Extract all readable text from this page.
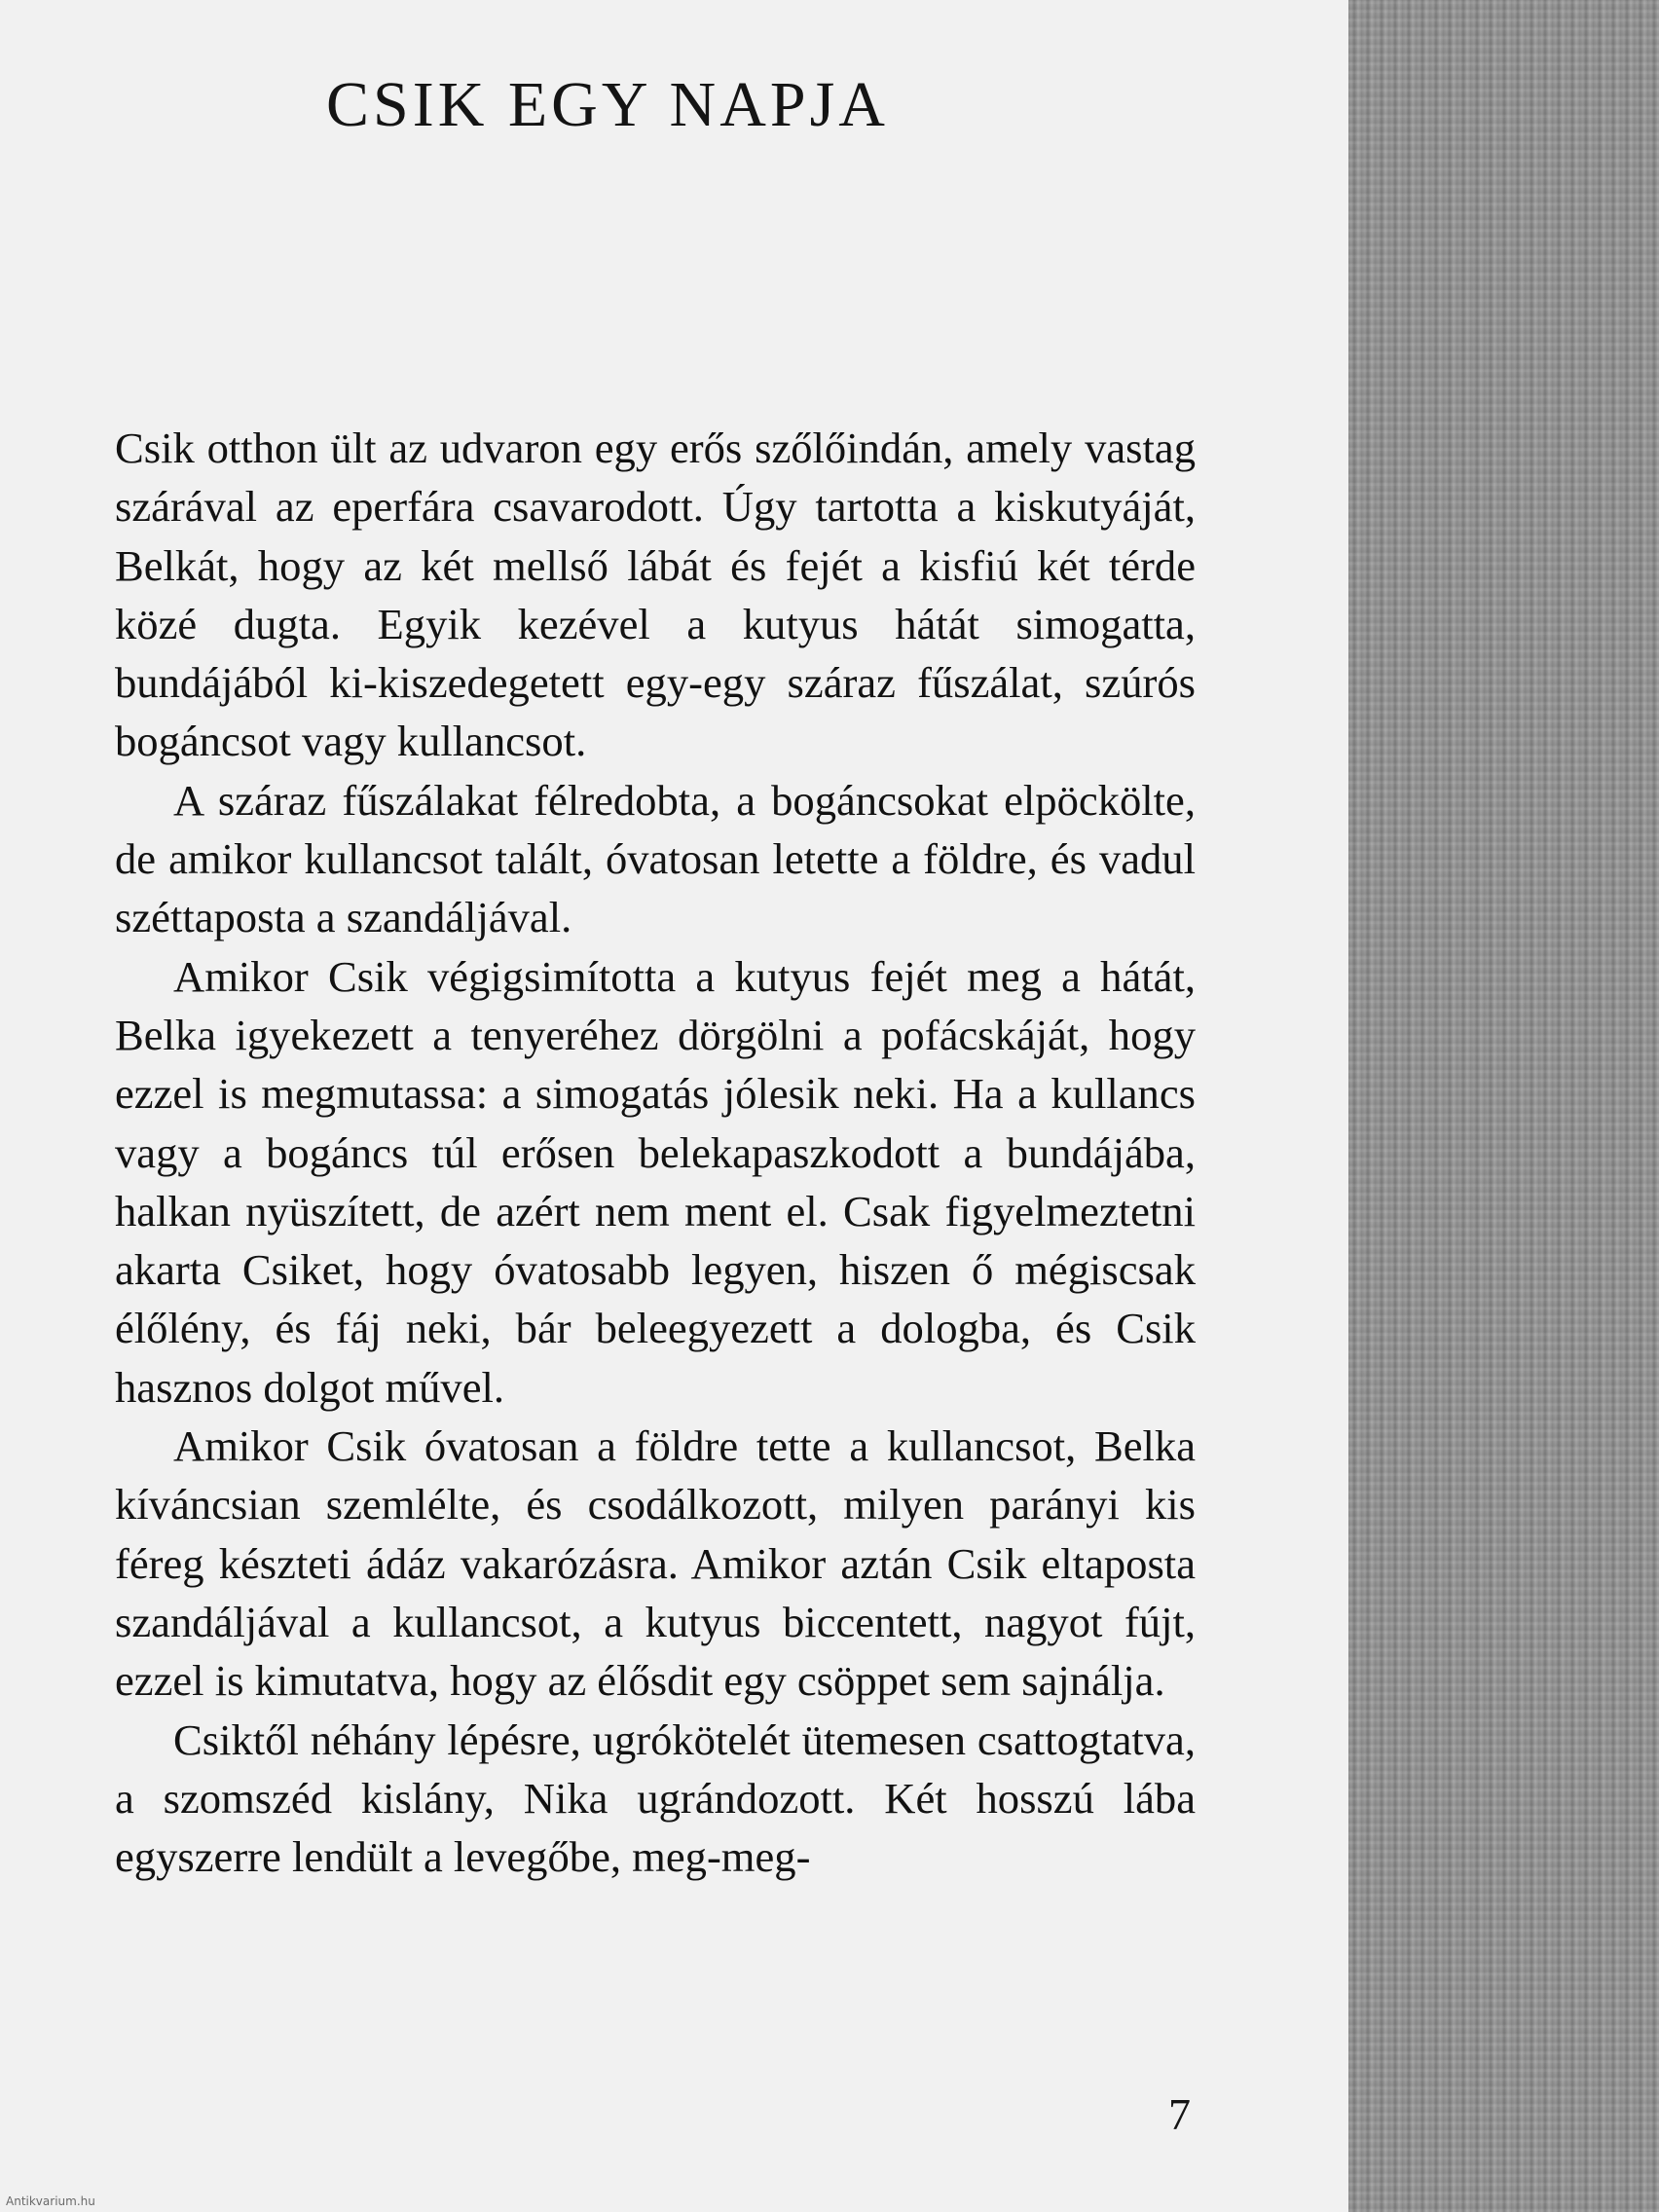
CSIK EGY NAPJA

Csik otthon ült az udvaron egy erős szőlőindán, amely vastag szárával az eperfára csavarodott. Úgy tartotta a kiskutyáját, Belkát, hogy az két mellső lábát és fejét a kisfiú két térde közé dugta. Egyik kezével a kutyus hátát simogatta, bundájából ki-kiszedegetett egy-egy száraz fűszálat, szúrós bogáncsot vagy kullancsot.

A száraz fűszálakat félredobta, a bogáncsokat elpöckölte, de amikor kullancsot talált, óvatosan letette a földre, és vadul széttaposta a szandáljával.

Amikor Csik végigsimította a kutyus fejét meg a hátát, Belka igyekezett a tenyeréhez dörgölni a pofácskáját, hogy ezzel is megmutassa: a simogatás jólesik neki. Ha a kullancs vagy a bogáncs túl erősen belekapaszkodott a bundájába, halkan nyüszített, de azért nem ment el. Csak figyelmeztetni akarta Csiket, hogy óvatosabb legyen, hiszen ő mégiscsak élőlény, és fáj neki, bár beleegyezett a dologba, és Csik hasznos dolgot művel.

Amikor Csik óvatosan a földre tette a kullancsot, Belka kíváncsian szemlélte, és csodálkozott, milyen parányi kis féreg készteti ádáz vakarózásra. Amikor aztán Csik eltaposta szandáljával a kullancsot, a kutyus biccentett, nagyot fújt, ezzel is kimutatva, hogy az élősdit egy csöppet sem sajnálja.

Csiktől néhány lépésre, ugrókötelét ütemesen csattogtatva, a szomszéd kislány, Nika ugrándozott. Két hosszú lába egyszerre lendült a levegőbe, meg-meg-

7
Antikvarium.hu
